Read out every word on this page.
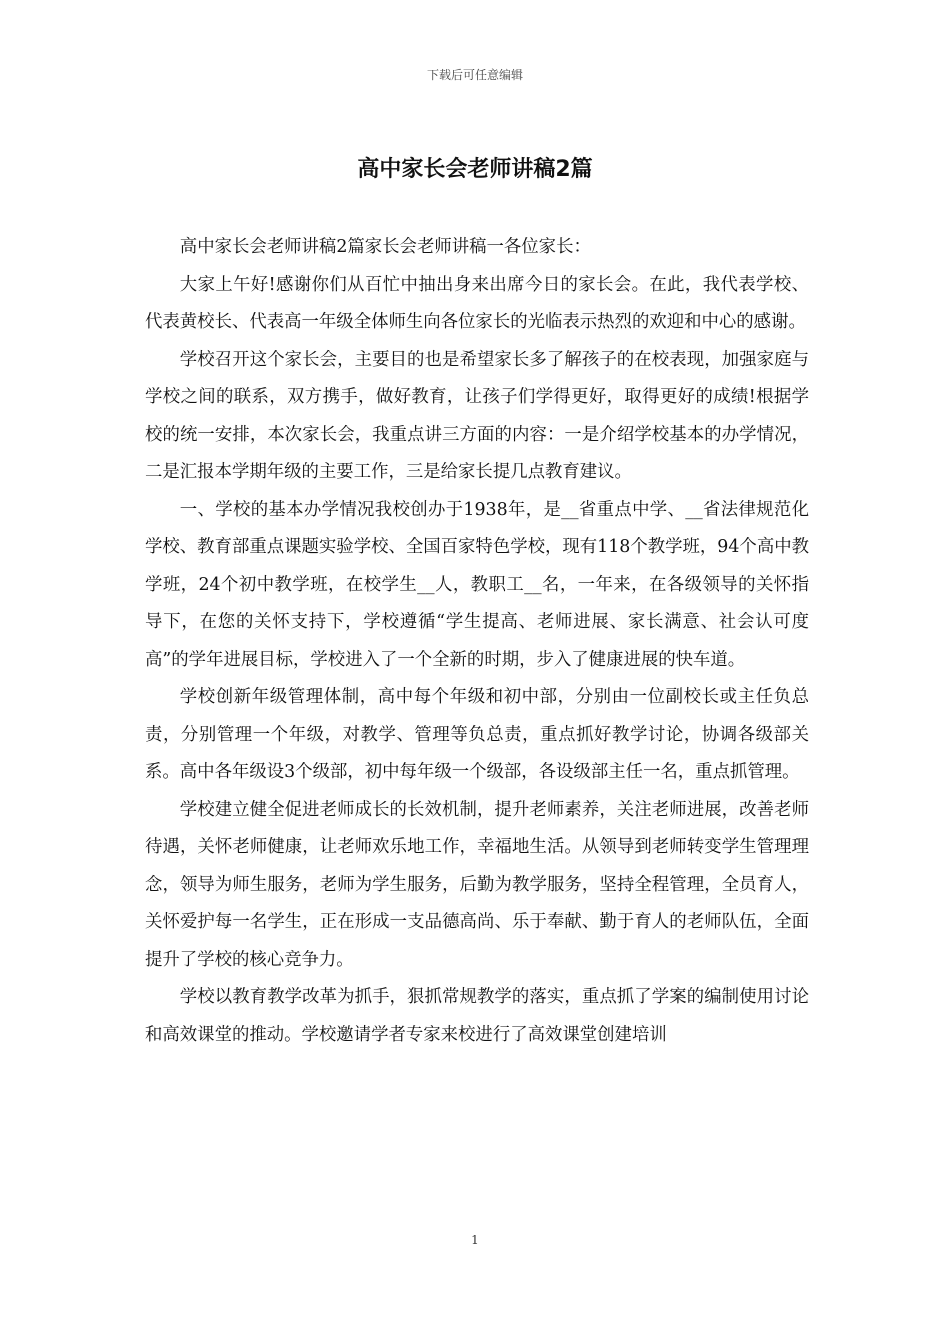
下载后可任意编辑
高中家长会老师讲稿2篇

高中家长会老师讲稿2篇家长会老师讲稿一各位家长：

大家上午好!感谢你们从百忙中抽出身来出席今日的家长会。在此，我代表学校、代表黄校长、代表高一年级全体师生向各位家长的光临表示热烈的欢迎和中心的感谢。

学校召开这个家长会，主要目的也是希望家长多了解孩子的在校表现，加强家庭与学校之间的联系，双方携手，做好教育，让孩子们学得更好，取得更好的成绩!根据学校的统一安排，本次家长会，我重点讲三方面的内容：一是介绍学校基本的办学情况，二是汇报本学期年级的主要工作，三是给家长提几点教育建议。

一、学校的基本办学情况我校创办于1938年，是__省重点中学、__省法律规范化学校、教育部重点课题实验学校、全国百家特色学校，现有118个教学班，94个高中教学班，24个初中教学班，在校学生__人，教职工__名，一年来，在各级领导的关怀指导下，在您的关怀支持下，学校遵循“学生提高、老师进展、家长满意、社会认可度高”的学年进展目标，学校进入了一个全新的时期，步入了健康进展的快车道。

学校创新年级管理体制，高中每个年级和初中部，分别由一位副校长或主任负总责，分别管理一个年级，对教学、管理等负总责，重点抓好教学讨论，协调各级部关系。高中各年级设3个级部，初中每年级一个级部，各设级部主任一名，重点抓管理。

学校建立健全促进老师成长的长效机制，提升老师素养，关注老师进展，改善老师待遇，关怀老师健康，让老师欢乐地工作，幸福地生活。从领导到老师转变学生管理理念，领导为师生服务，老师为学生服务，后勤为教学服务，坚持全程管理，全员育人，关怀爱护每一名学生，正在形成一支品德高尚、乐于奉献、勤于育人的老师队伍，全面提升了学校的核心竞争力。

学校以教育教学改革为抓手，狠抓常规教学的落实，重点抓了学案的编制使用讨论和高效课堂的推动。学校邀请学者专家来校进行了高效课堂创建培训

1
